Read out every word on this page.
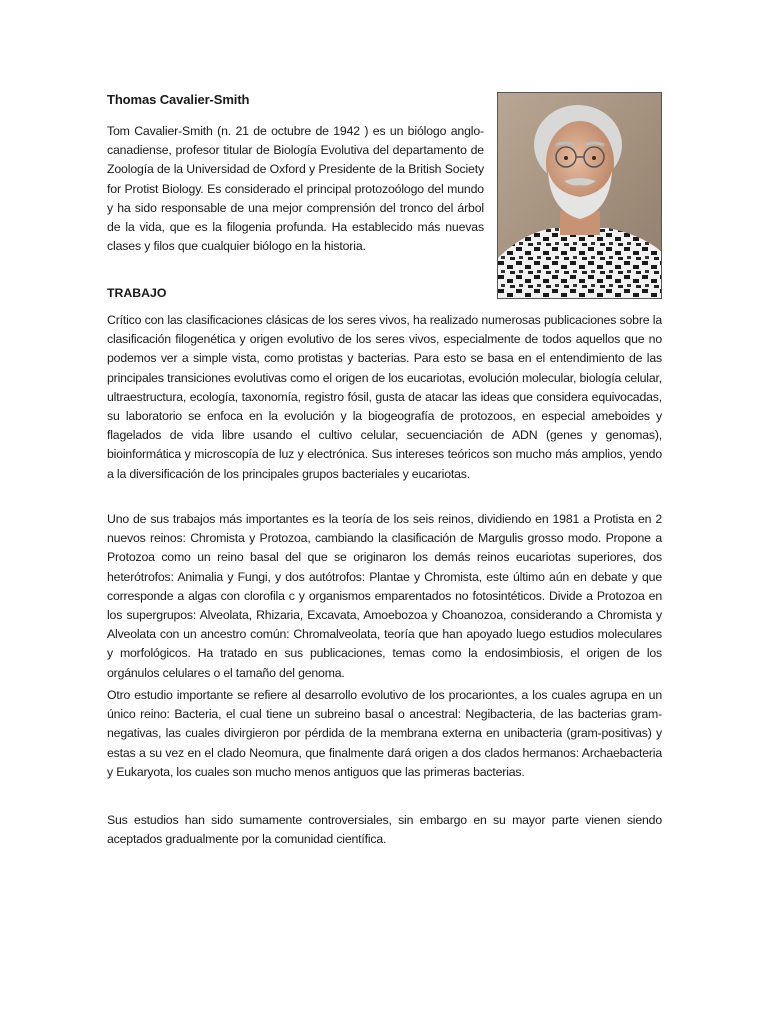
Thomas Cavalier-Smith

Tom Cavalier-Smith (n. 21 de octubre de 1942 ) es un biólogo anglo-canadiense, profesor titular de Biología Evolutiva del departamento de Zoología de la Universidad de Oxford y Presidente de la British Society for Protist Biology. Es considerado el principal protozoólogo del mundo y ha sido responsable de una mejor comprensión del tronco del árbol de la vida, que es la filogenia profunda. Ha establecido más nuevas clases y filos que cualquier biólogo en la historia.

TRABAJO

Crítico con las clasificaciones clásicas de los seres vivos, ha realizado numerosas publicaciones sobre la clasificación filogenética y origen evolutivo de los seres vivos, especialmente de todos aquellos que no podemos ver a simple vista, como protistas y bacterias. Para esto se basa en el entendimiento de las principales transiciones evolutivas como el origen de los eucariotas, evolución molecular, biología celular, ultraestructura, ecología, taxonomía, registro fósil, gusta de atacar las ideas que considera equivocadas, su laboratorio se enfoca en la evolución y la biogeografía de protozoos, en especial ameboides y flagelados de vida libre usando el cultivo celular, secuenciación de ADN (genes y genomas), bioinformática y microscopía de luz y electrónica. Sus intereses teóricos son mucho más amplios, yendo a la diversificación de los principales grupos bacteriales y eucariotas.

Uno de sus trabajos más importantes es la teoría de los seis reinos, dividiendo en 1981 a Protista en 2 nuevos reinos: Chromista y Protozoa, cambiando la clasificación de Margulis grosso modo. Propone a Protozoa como un reino basal del que se originaron los demás reinos eucariotas superiores, dos heterótrofos: Animalia y Fungi, y dos autótrofos: Plantae y Chromista, este último aún en debate y que corresponde a algas con clorofila c y organismos emparentados no fotosintéticos. Divide a Protozoa en los supergrupos: Alveolata, Rhizaria, Excavata, Amoebozoa y Choanozoa, considerando a Chromista y Alveolata con un ancestro común: Chromalveolata, teoría que han apoyado luego estudios moleculares y morfológicos. Ha tratado en sus publicaciones, temas como la endosimbiosis, el origen de los orgánulos celulares o el tamaño del genoma.

Otro estudio importante se refiere al desarrollo evolutivo de los procariontes, a los cuales agrupa en un único reino: Bacteria, el cual tiene un subreino basal o ancestral: Negibacteria, de las bacterias gram-negativas, las cuales divirgieron por pérdida de la membrana externa en unibacteria (gram-positivas) y estas a su vez en el clado Neomura, que finalmente dará origen a dos clados hermanos: Archaebacteria y Eukaryota, los cuales son mucho menos antiguos que las primeras bacterias.

Sus estudios han sido sumamente controversiales, sin embargo en su mayor parte vienen siendo aceptados gradualmente por la comunidad científica.
